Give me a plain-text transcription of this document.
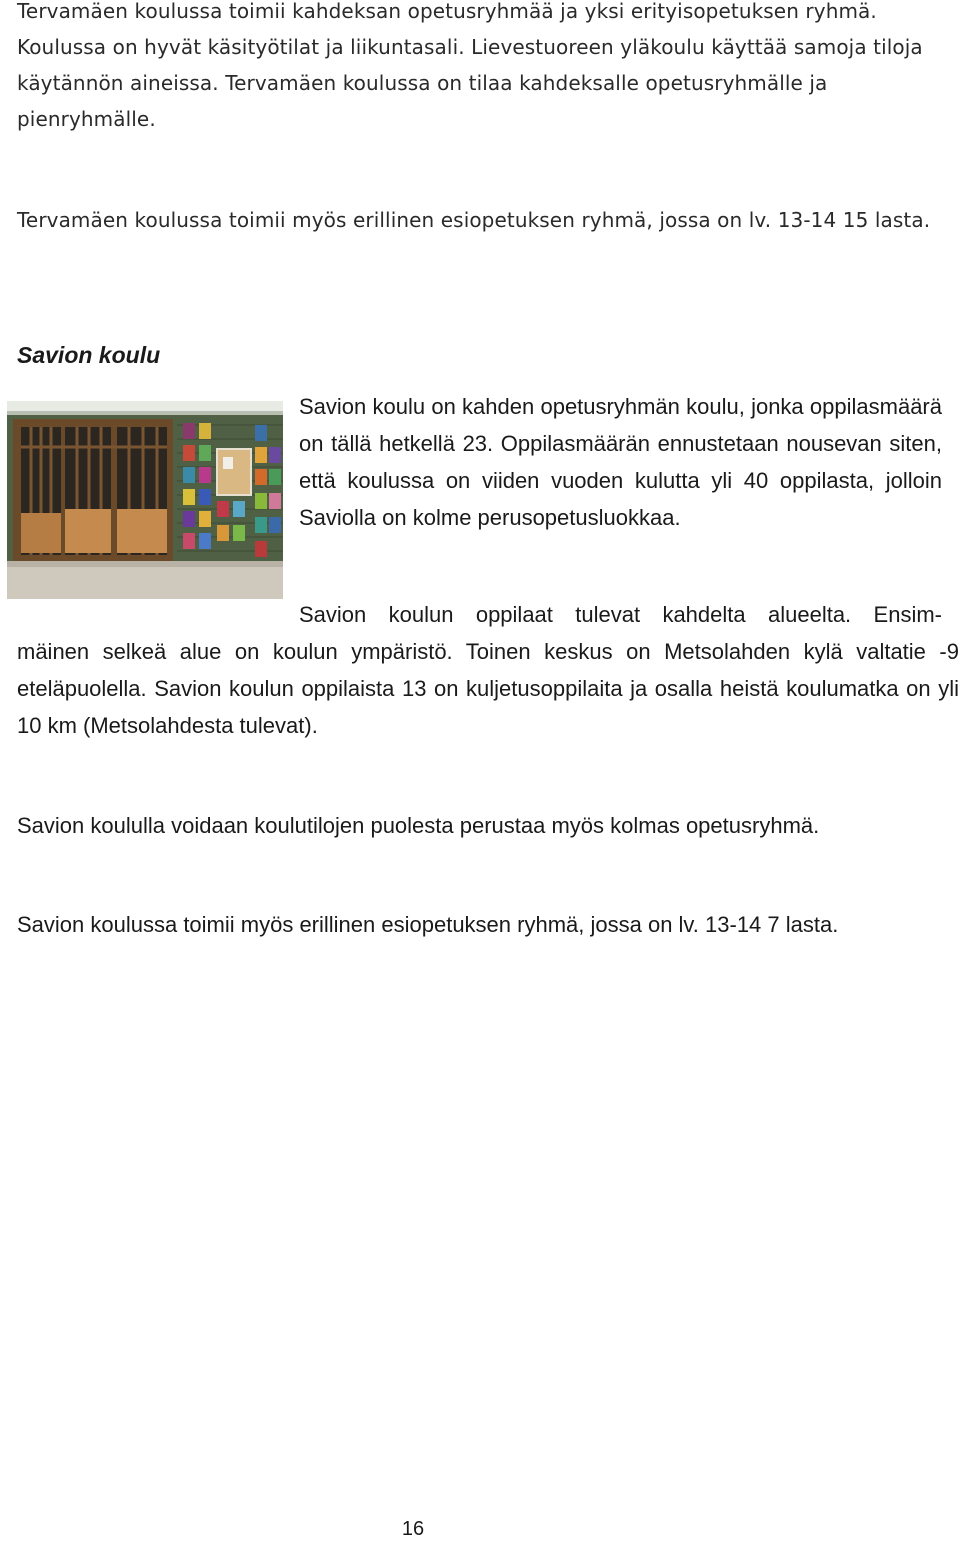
Tervamäen koulussa toimii kahdeksan opetusryhmää ja yksi erityisopetuksen ryhmä. Koulussa on hyvät käsityötilat ja liikuntasali. Lievestuoreen yläkoulu käyttää samoja tiloja käytännön aineissa. Tervamäen koulussa on tilaa kahdeksalle opetusryhmälle ja pienryhmälle.

Tervamäen koulussa toimii myös erillinen esiopetuksen ryhmä, jossa on lv. 13-14 15 lasta.

Savion koulu

Savion koulu on kahden opetusryhmän koulu, jonka oppilasmäärä on tällä hetkellä 23. Oppilasmäärän ennustetaan nousevan siten, että koulussa on viiden vuoden kulutta yli 40 oppilasta, jolloin Saviolla on kolme perusopetusluokkaa.

Savion koulun oppilaat tulevat kahdelta alueelta. Ensim-

mäinen selkeä alue on koulun ympäristö. Toinen keskus on Metsolahden kylä valtatie -9 eteläpuolella. Savion koulun oppilaista 13 on kuljetusoppilaita ja osalla heistä koulumatka on yli 10 km (Metsolahdesta tulevat).

Savion koululla voidaan koulutilojen puolesta perustaa myös kolmas opetusryhmä.

Savion koulussa toimii myös erillinen esiopetuksen ryhmä, jossa on lv. 13-14 7 lasta.

16
